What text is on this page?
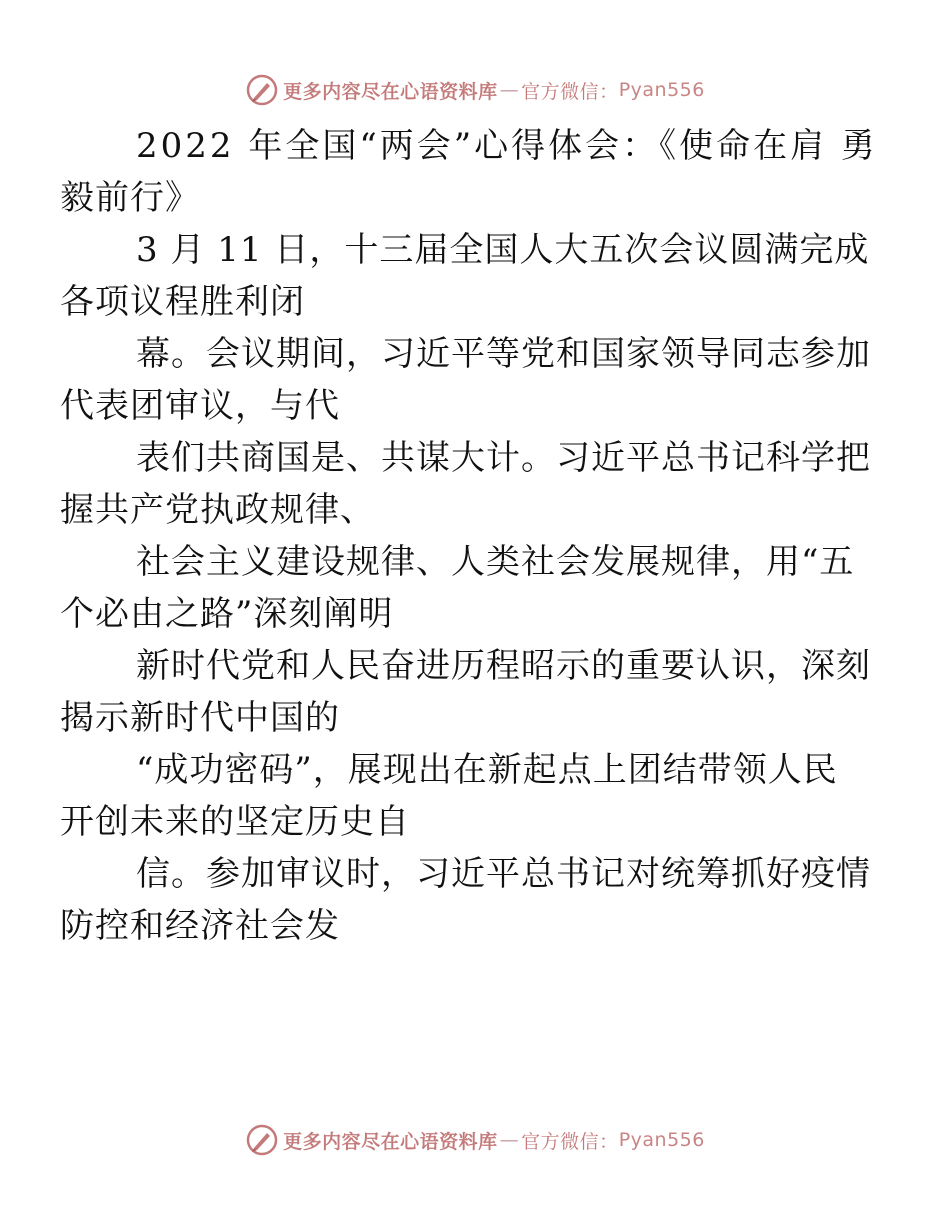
更多内容尽在心语资料库 — 官方微信： Pyan556

2022 年全国“两会”心得体会：《使命在肩 勇
毅前行》

3 月 11 日，十三届全国人大五次会议圆满完成
各项议程胜利闭

幕。会议期间，习近平等党和国家领导同志参加
代表团审议，与代

表们共商国是、共谋大计。习近平总书记科学把
握共产党执政规律、

社会主义建设规律、人类社会发展规律，用“五
个必由之路”深刻阐明

新时代党和人民奋进历程昭示的重要认识，深刻
揭示新时代中国的

“成功密码”，展现出在新起点上团结带领人民
开创未来的坚定历史自

信。参加审议时，习近平总书记对统筹抓好疫情
防控和经济社会发

更多内容尽在心语资料库 — 官方微信： Pyan556
